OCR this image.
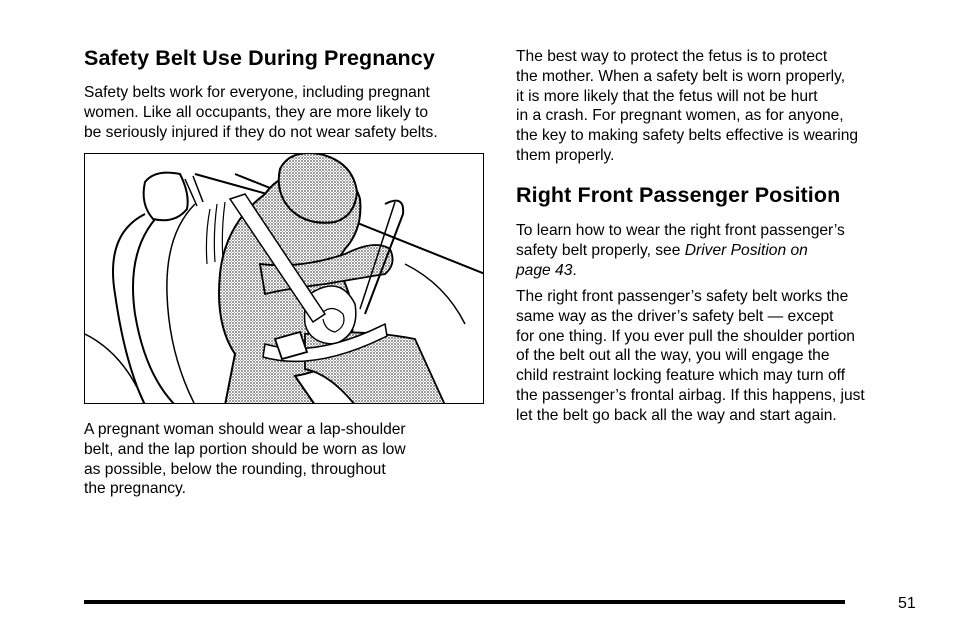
Safety Belt Use During Pregnancy
Safety belts work for everyone, including pregnant
women. Like all occupants, they are more likely to
be seriously injured if they do not wear safety belts.
A pregnant woman should wear a lap-shoulder
belt, and the lap portion should be worn as low
as possible, below the rounding, throughout
the pregnancy.
The best way to protect the fetus is to protect
the mother. When a safety belt is worn properly,
it is more likely that the fetus will not be hurt
in a crash. For pregnant women, as for anyone,
the key to making safety belts effective is wearing
them properly.
Right Front Passenger Position
To learn how to wear the right front passenger’s
safety belt properly, see Driver Position on
page 43.
The right front passenger’s safety belt works the
same way as the driver’s safety belt — except
for one thing. If you ever pull the shoulder portion
of the belt out all the way, you will engage the
child restraint locking feature which may turn off
the passenger’s frontal airbag. If this happens, just
let the belt go back all the way and start again.
51
